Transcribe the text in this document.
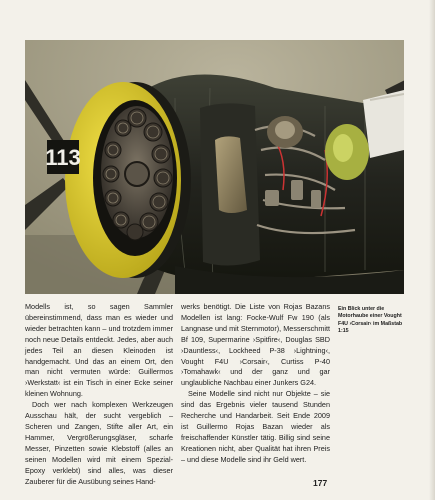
113

Modells ist, so sagen Sammler übereinstimmend, dass man es wieder und wieder betrachten kann – und trotzdem immer noch neue Details entdeckt. Jedes, aber auch jedes Teil an diesen Kleinoden ist handgemacht. Und das an einem Ort, den man nicht vermuten würde: Guillermos ›Werkstatt‹ ist ein Tisch in einer Ecke seiner kleinen Wohnung.

Doch wer nach komplexen Werkzeugen Ausschau hält, der sucht vergeblich – Scheren und Zangen, Stifte aller Art, ein Hammer, Vergrößerungsgläser, scharfe Messer, Pinzetten sowie Klebstoff (alles an seinen Modellen wird mit einem Spezial-Epoxy verklebt) sind alles, was dieser Zauberer für die Ausübung seines Hand-

werks benötigt. Die Liste von Rojas Bazans Modellen ist lang: Focke-Wulf Fw 190 (als Langnase und mit Sternmotor), Messerschmitt Bf 109, Supermarine ›Spitfire‹, Douglas SBD ›Dauntless‹, Lockheed P-38 ›Lightning‹, Vought F4U ›Corsair‹, Curtiss P-40 ›Tomahawk‹ und der ganz und gar unglaubliche Nachbau einer Junkers G24.

Seine Modelle sind nicht nur Objekte – sie sind das Ergebnis vieler tausend Stunden Recherche und Handarbeit. Seit Ende 2009 ist Guillermo Rojas Bazan wieder als freischaffender Künstler tätig. Billig sind seine Kreationen nicht, aber Qualität hat ihren Preis – und diese Modelle sind ihr Geld wert.

Ein Blick unter die Motorhaube einer Vought F4U ›Corsair‹ im Maßstab 1:15
177
